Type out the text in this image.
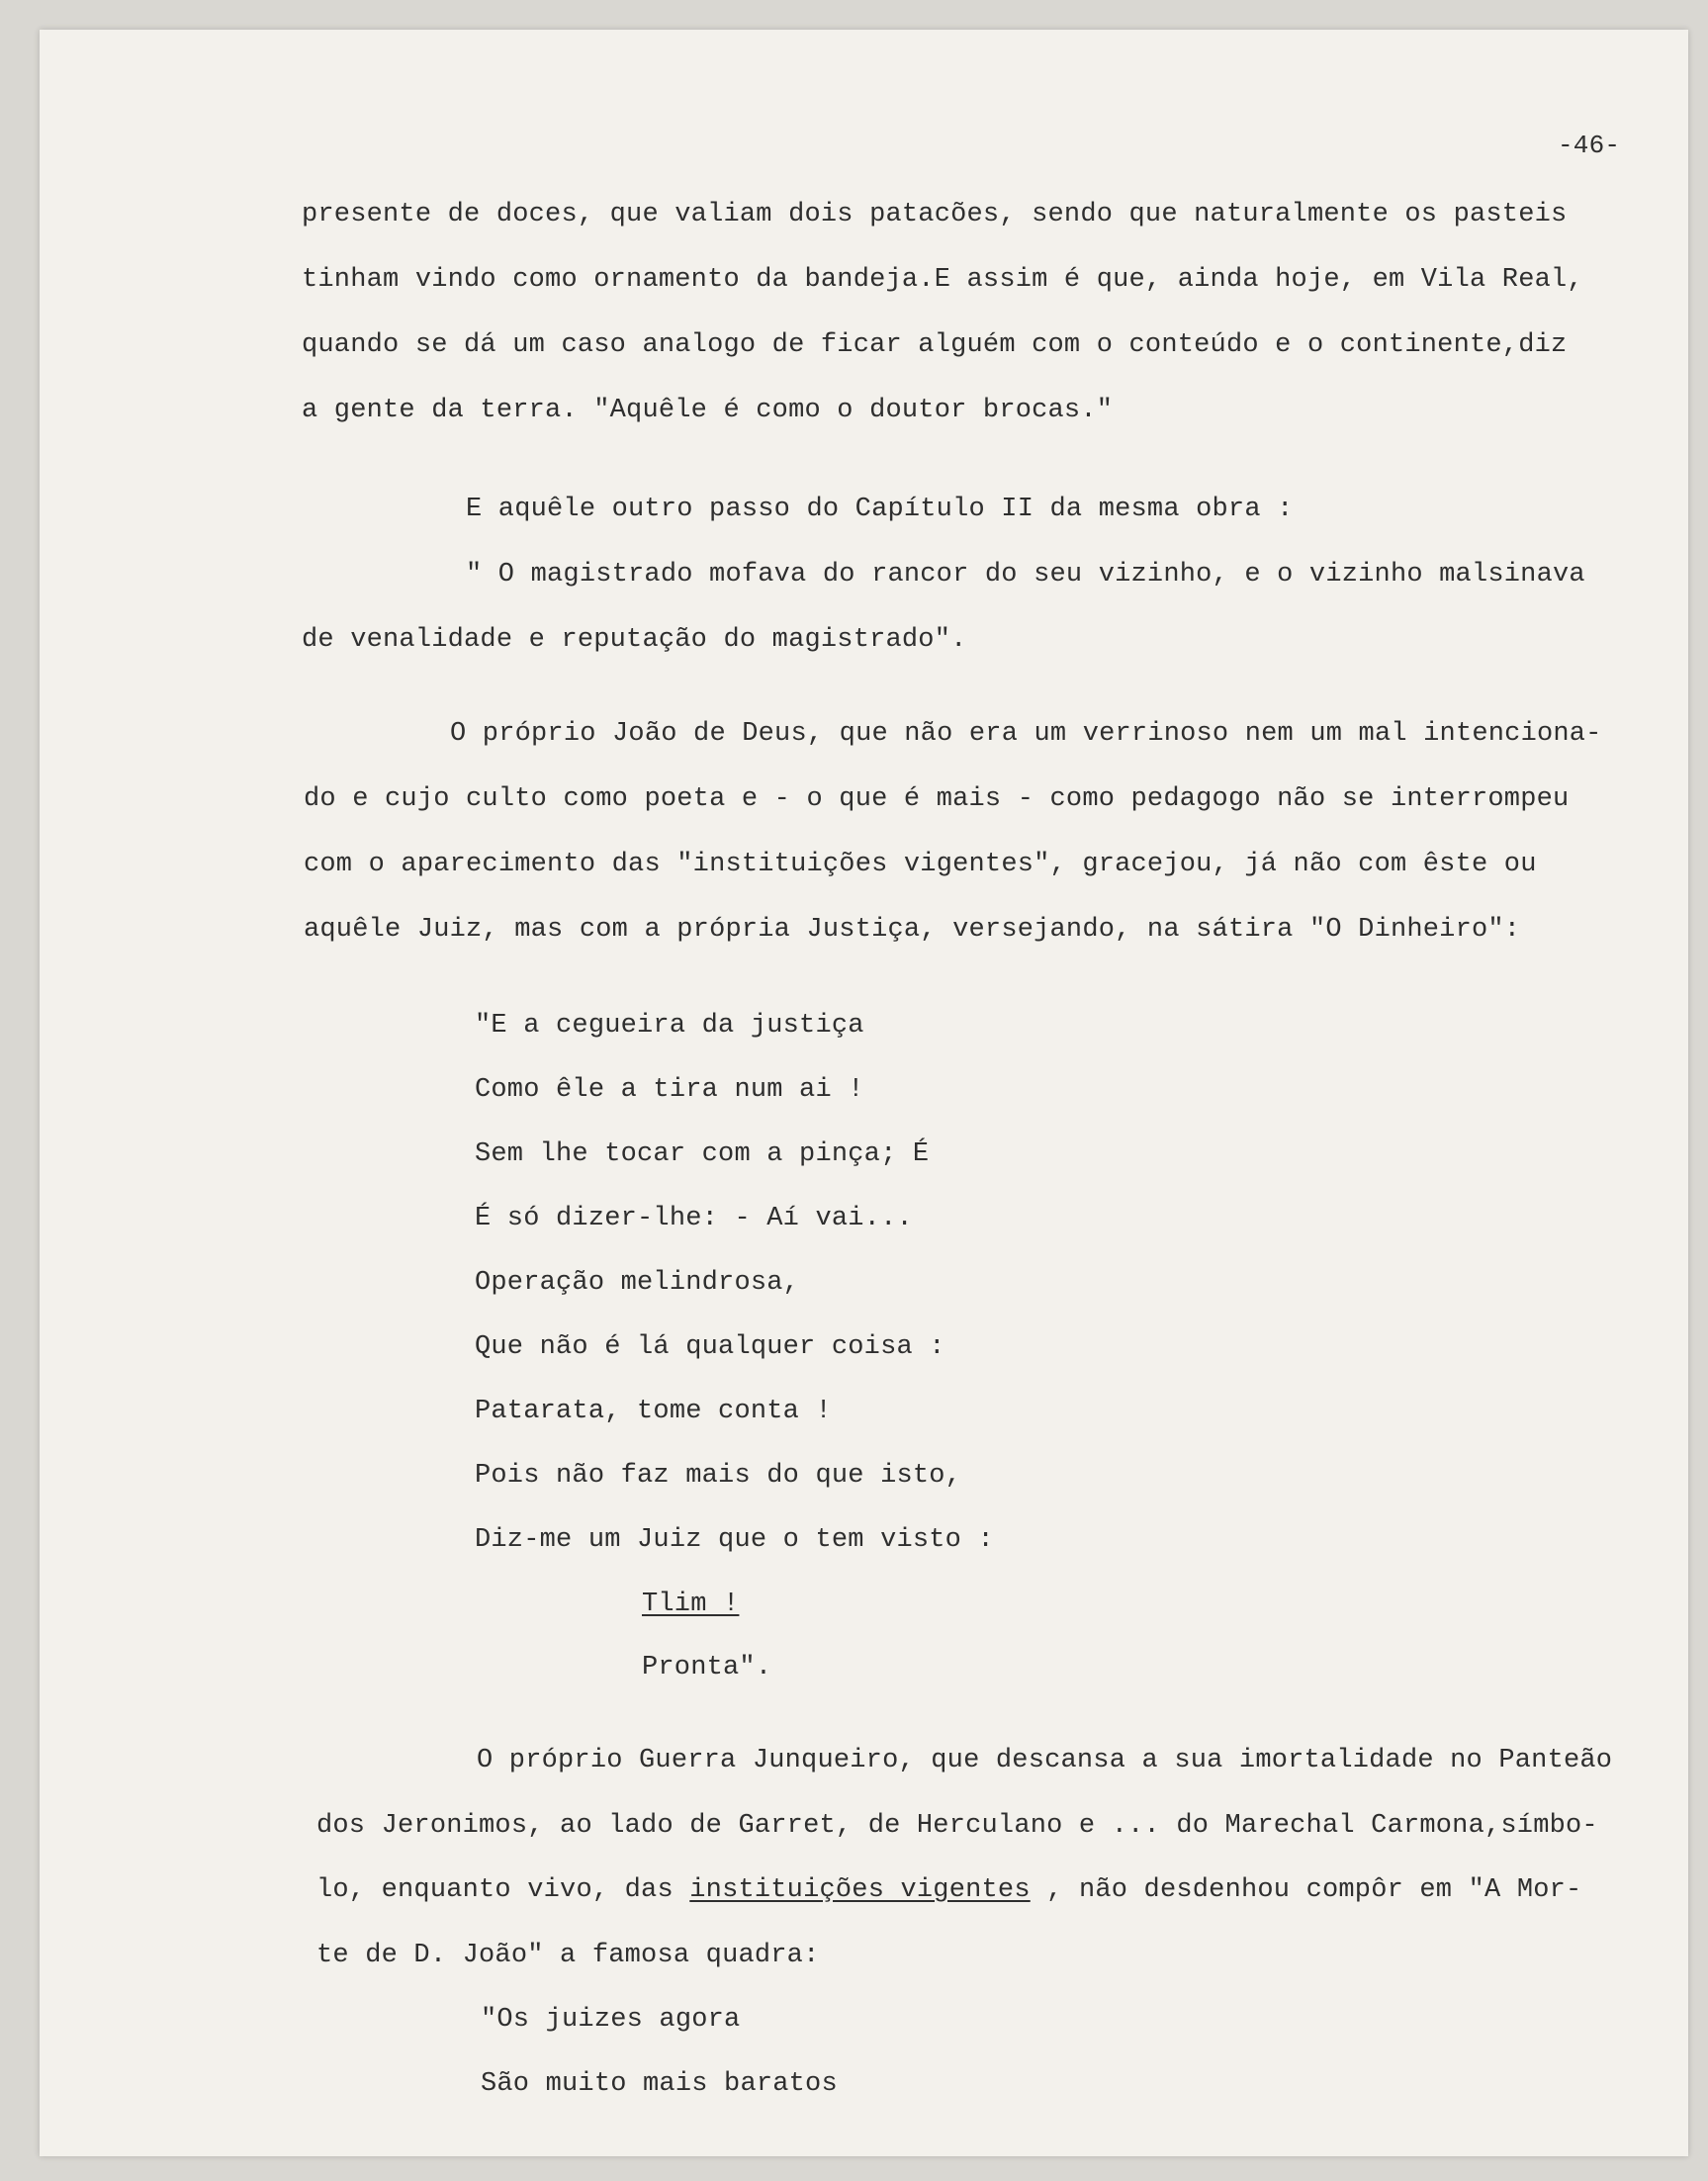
-46-
presente de doces, que valiam dois patacões, sendo que naturalmente os pasteis
tinham vindo como ornamento da bandeja.E assim é que, ainda hoje, em Vila Real,
quando se dá um caso analogo de ficar alguém com o conteúdo e o continente,diz
a gente da terra. "Aquêle é como o doutor brocas."
E aquêle outro passo do Capítulo II da mesma obra :
" O magistrado mofava do rancor do seu vizinho, e o vizinho malsinava
de venalidade e reputação do magistrado".
O próprio João de Deus, que não era um verrinoso nem um mal intenciona-
do e cujo culto como poeta e - o que é mais - como pedagogo não se interrompeu
com o aparecimento das "instituições vigentes", gracejou, já não com êste ou
aquêle Juiz, mas com a própria Justiça, versejando, na sátira "O Dinheiro":
"E a cegueira da justiça
Como êle a tira num ai !
Sem lhe tocar com a pinça; É
É só dizer-lhe: - Aí vai...
Operação melindrosa,
Que não é lá qualquer coisa :
Patarata, tome conta !
Pois não faz mais do que isto,
Diz-me um Juiz que o tem visto :
Tlim !
Pronta".
O próprio Guerra Junqueiro, que descansa a sua imortalidade no Panteão
dos Jeronimos, ao lado de Garret, de Herculano e ... do Marechal Carmona,símbo-
lo, enquanto vivo, das instituições vigentes , não desdenhou compôr em "A Mor-
te de D. João" a famosa quadra:
"Os juizes agora
São muito mais baratos
